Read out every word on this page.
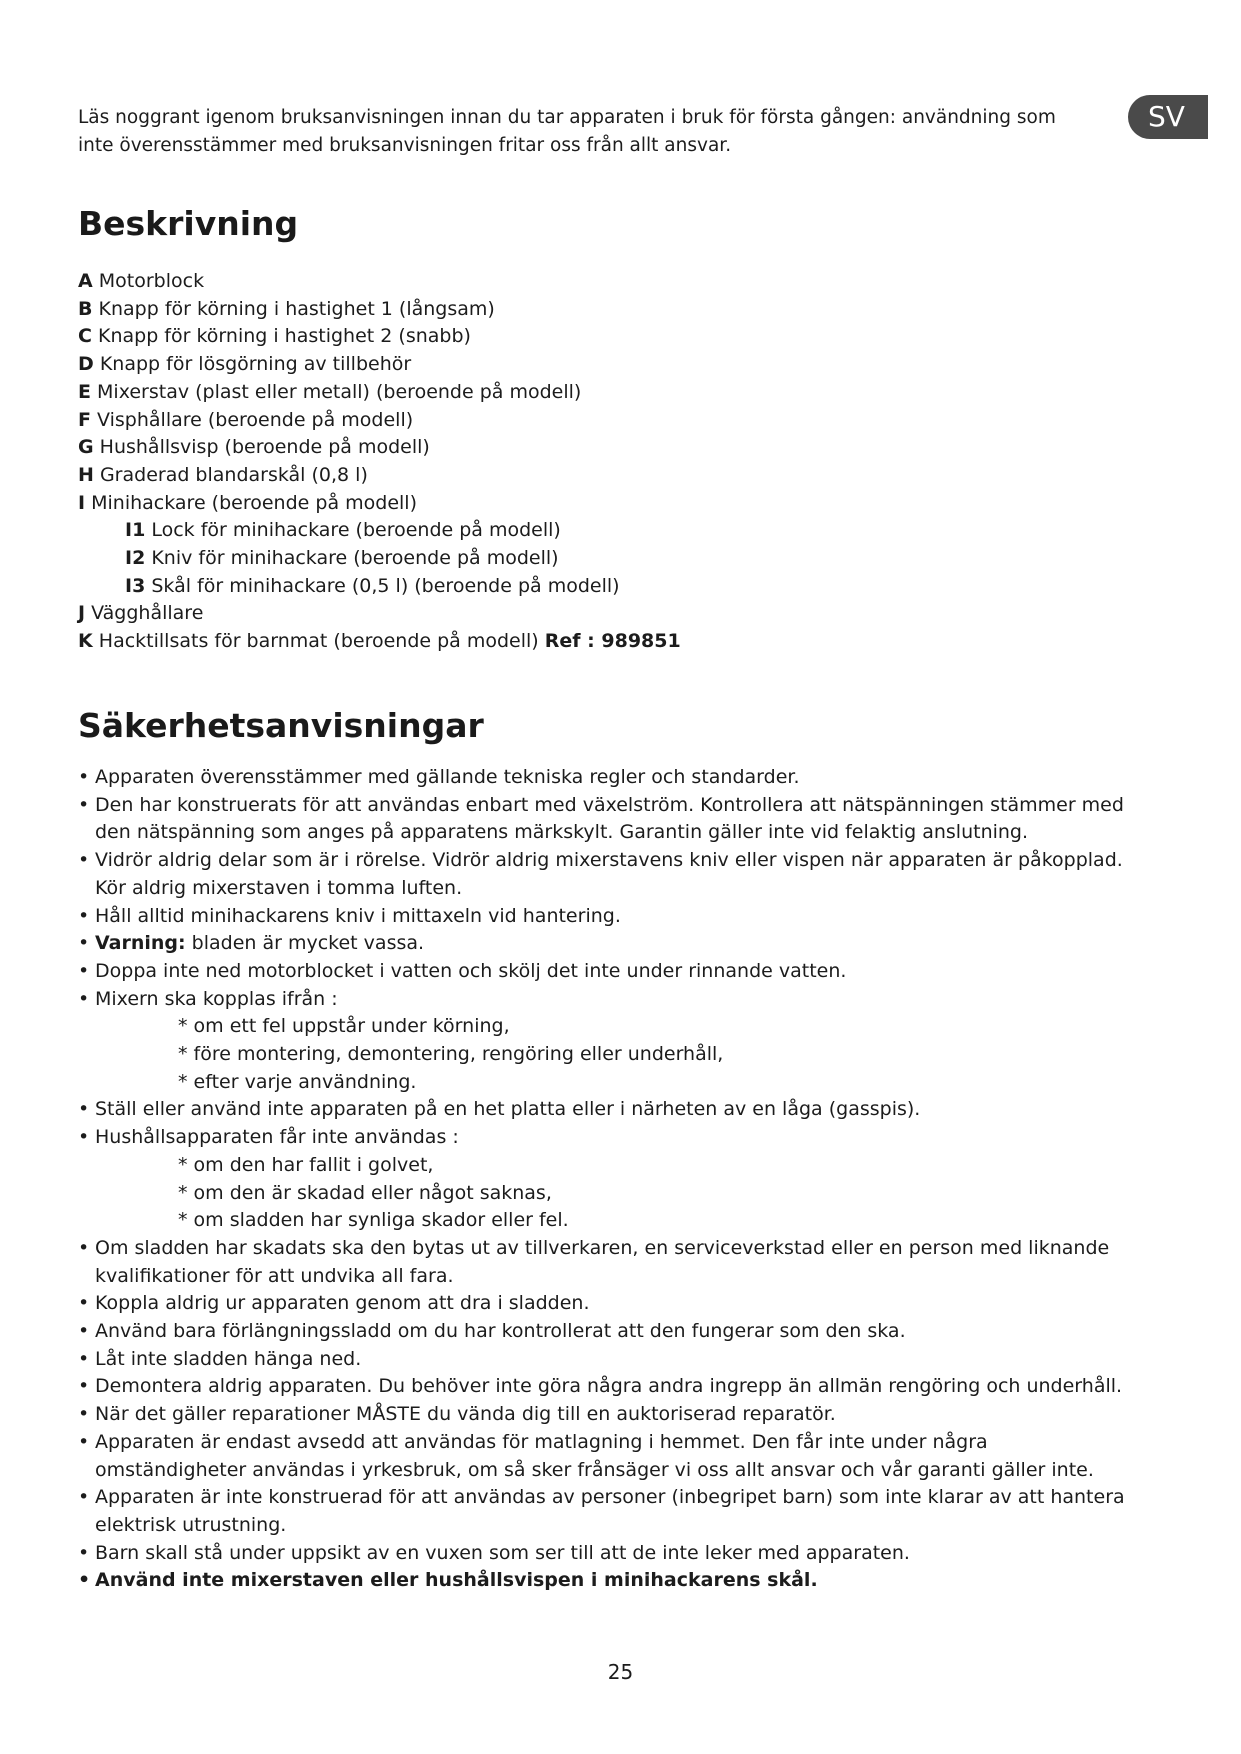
Läs noggrant igenom bruksanvisningen innan du tar apparaten i bruk för första gången: användning som inte överensstämmer med bruksanvisningen fritar oss från allt ansvar.
SV
Beskrivning
A Motorblock
B Knapp för körning i hastighet 1 (långsam)
C Knapp för körning i hastighet 2 (snabb)
D Knapp för lösgörning av tillbehör
E Mixerstav (plast eller metall) (beroende på modell)
F Visphållare (beroende på modell)
G Hushållsvisp (beroende på modell)
H Graderad blandarskål (0,8 l)
I Minihackare (beroende på modell)
I1 Lock för minihackare (beroende på modell)
I2 Kniv för minihackare (beroende på modell)
I3 Skål för minihackare (0,5 l) (beroende på modell)
J Vägghållare
K Hacktillsats för barnmat (beroende på modell) Ref : 989851
Säkerhetsanvisningar
• Apparaten överensstämmer med gällande tekniska regler och standarder.
• Den har konstruerats för att användas enbart med växelström. Kontrollera att nätspänningen stämmer med den nätspänning som anges på apparatens märkskylt. Garantin gäller inte vid felaktig anslutning.
• Vidrör aldrig delar som är i rörelse. Vidrör aldrig mixerstavens kniv eller vispen när apparaten är påkopplad. Kör aldrig mixerstaven i tomma luften.
• Håll alltid minihackarens kniv i mittaxeln vid hantering.
• Varning: bladen är mycket vassa.
• Doppa inte ned motorblocket i vatten och skölj det inte under rinnande vatten.
• Mixern ska kopplas ifrån :
* om ett fel uppstår under körning,
* före montering, demontering, rengöring eller underhåll,
* efter varje användning.
• Ställ eller använd inte apparaten på en het platta eller i närheten av en låga (gasspis).
• Hushållsapparaten får inte användas :
* om den har fallit i golvet,
* om den är skadad eller något saknas,
* om sladden har synliga skador eller fel.
• Om sladden har skadats ska den bytas ut av tillverkaren, en serviceverkstad eller en person med liknande kvalifikationer för att undvika all fara.
• Koppla aldrig ur apparaten genom att dra i sladden.
• Använd bara förlängningssladd om du har kontrollerat att den fungerar som den ska.
• Låt inte sladden hänga ned.
• Demontera aldrig apparaten. Du behöver inte göra några andra ingrepp än allmän rengöring och underhåll.
• När det gäller reparationer MÅSTE du vända dig till en auktoriserad reparatör.
• Apparaten är endast avsedd att användas för matlagning i hemmet. Den får inte under några omständigheter användas i yrkesbruk, om så sker frånsäger vi oss allt ansvar och vår garanti gäller inte.
• Apparaten är inte konstruerad för att användas av personer (inbegripet barn) som inte klarar av att hantera elektrisk utrustning.
• Barn skall stå under uppsikt av en vuxen som ser till att de inte leker med apparaten.
• Använd inte mixerstaven eller hushållsvispen i minihackarens skål.
25
